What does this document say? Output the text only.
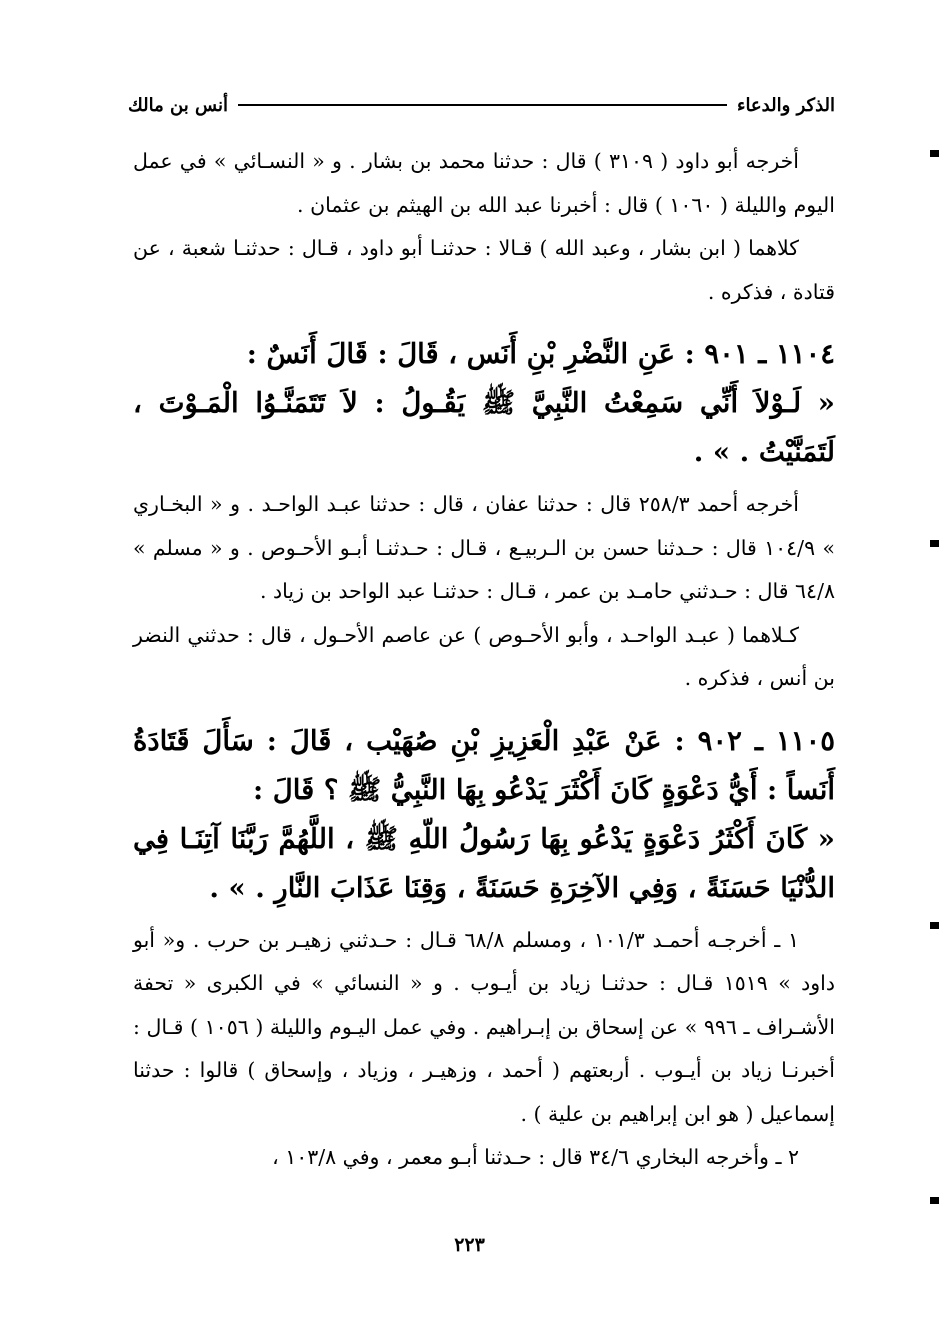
الذكر والدعاء
أنس بن مالك

أخرجه أبو داود ( ٣١٠٩ ) قال : حدثنا محمد بن بشار . و « النسـائي » في عمل اليوم والليلة ( ١٠٦٠ ) قال : أخبرنا عبد الله بن الهيثم بن عثمان .

كلاهما ( ابن بشار ، وعبد الله ) قـالا : حدثنـا أبو داود ، قـال : حدثنـا شعبة ، عن قتادة ، فذكره .

١١٠٤ ـ ٩٠١ : عَنِ النَّضْرِ بْنِ أَنَس ، قَالَ : قَالَ أَنَسٌ :

« لَـوْلاَ أَنِّي سَمِعْتُ النَّبِيَّ ﷺ يَقُـولُ : لاَ تَتَمَنَّـوُا الْمَـوْتَ ، لَتَمَنَّيْتُ . » .

أخرجه أحمد ٢٥٨/٣ قال : حدثنا عفان ، قال : حدثنا عبـد الواحـد . و « البخـاري » ١٠٤/٩ قال : حـدثنا حسن بن الـربيـع ، قـال : حـدثنـا أبـو الأحـوص . و « مسلم » ٦٤/٨ قال : حـدثني حامـد بن عمر ، قـال : حدثنـا عبد الواحد بن زياد .

كـلاهما ( عبـد الواحـد ، وأبو الأحـوص ) عن عاصم الأحـول ، قال : حدثني النضر بن أنس ، فذكره .

١١٠٥ ـ ٩٠٢ : عَنْ عَبْدِ الْعَزِيزِ بْنِ صُهَيْب ، قَالَ : سَأَلَ قَتَادَةُ أَنَساً : أَيُّ دَعْوَةٍ كَانَ أَكْثَرَ يَدْعُو بِهَا النَّبِيُّ ﷺ ؟ قَالَ :

« كَانَ أَكْثَرُ دَعْوَةٍ يَدْعُو بِهَا رَسُولُ اللّهِ ﷺ ، اللَّهُمَّ رَبَّنَا آتِنَـا فِي الدُّنْيَا حَسَنَةً ، وَفِي الآخِرَةِ حَسَنَةً ، وَقِنَا عَذَابَ النَّارِ . » .

١ ـ أخرجـه أحمـد ١٠١/٣ ، ومسلم ٦٨/٨ قـال : حـدثني زهيـر بن حرب . و« أبو داود » ١٥١٩ قـال : حدثنـا زياد بن أيـوب . و « النسائي » في الكبرى « تحفة الأشـراف ـ ٩٩٦ » عن إسحاق بن إبـراهيم . وفي عمل اليـوم والليلة ( ١٠٥٦ ) قـال : أخبرنـا زياد بن أيـوب . أربعتهم ( أحمد ، وزهيـر ، وزياد ، وإسحاق ) قالوا : حدثنا إسماعيل ( هو ابن إبراهيم بن علية ) .

٢ ـ وأخرجه البخاري ٣٤/٦ قال : حـدثنا أبـو معمر ، وفي ١٠٣/٨ ،

٢٢٣
